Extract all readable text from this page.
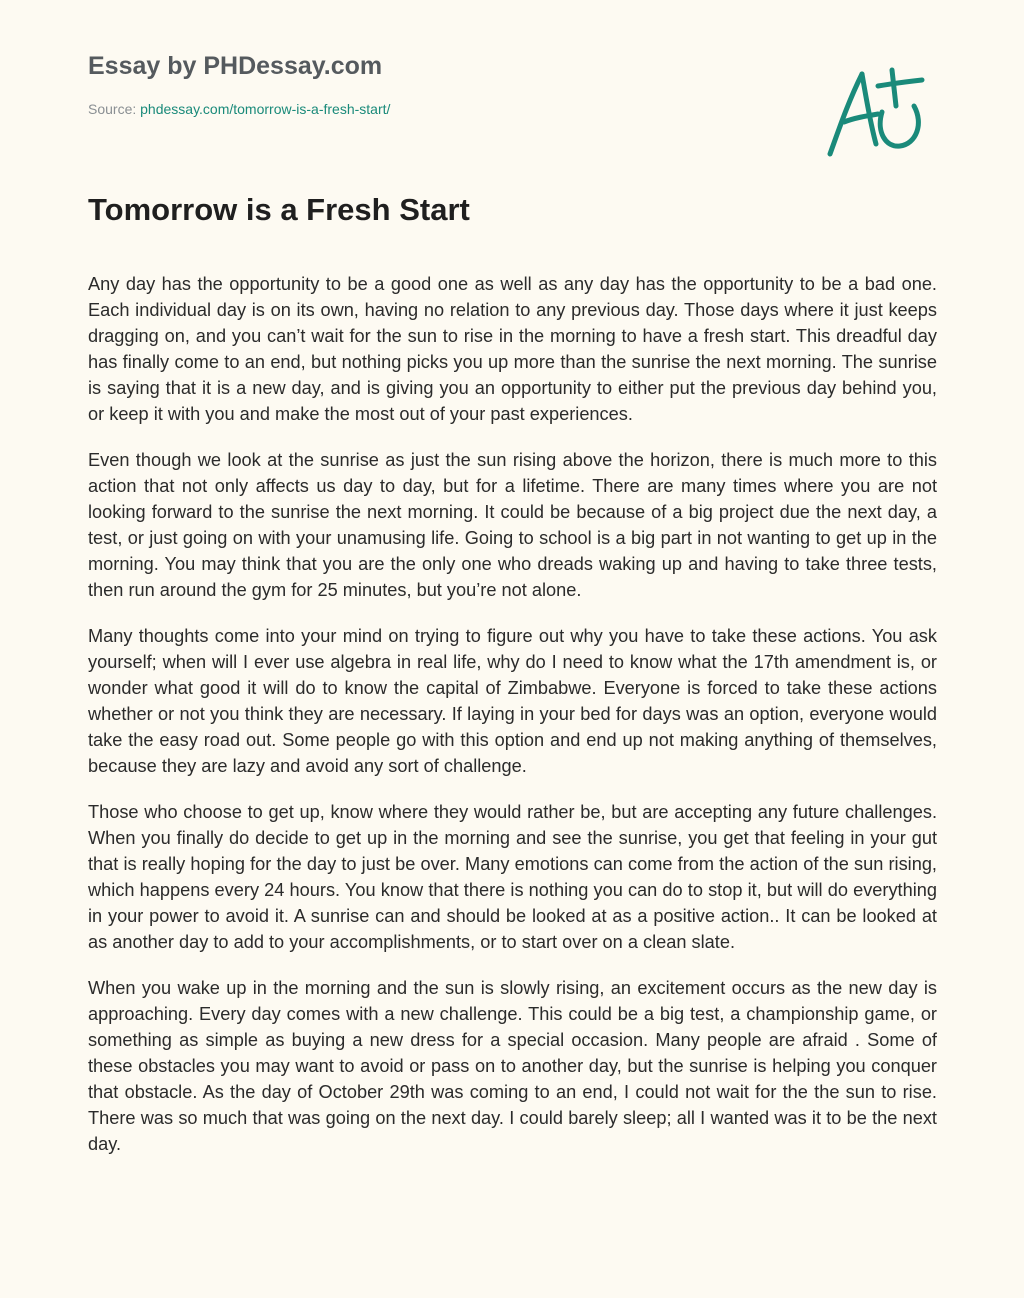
Essay by PHDessay.com
Source: phdessay.com/tomorrow-is-a-fresh-start/
Tomorrow is a Fresh Start

Any day has the opportunity to be a good one as well as any day has the opportunity to be a bad one. Each individual day is on its own, having no relation to any previous day. Those days where it just keeps dragging on, and you can’t wait for the sun to rise in the morning to have a fresh start. This dreadful day has finally come to an end, but nothing picks you up more than the sunrise the next morning. The sunrise is saying that it is a new day, and is giving you an opportunity to either put the previous day behind you, or keep it with you and make the most out of your past experiences.

Even though we look at the sunrise as just the sun rising above the horizon, there is much more to this action that not only affects us day to day, but for a lifetime. There are many times where you are not looking forward to the sunrise the next morning. It could be because of a big project due the next day, a test, or just going on with your unamusing life. Going to school is a big part in not wanting to get up in the morning. You may think that you are the only one who dreads waking up and having to take three tests, then run around the gym for 25 minutes, but you’re not alone.

Many thoughts come into your mind on trying to figure out why you have to take these actions. You ask yourself; when will I ever use algebra in real life, why do I need to know what the 17th amendment is, or wonder what good it will do to know the capital of Zimbabwe. Everyone is forced to take these actions whether or not you think they are necessary. If laying in your bed for days was an option, everyone would take the easy road out. Some people go with this option and end up not making anything of themselves, because they are lazy and avoid any sort of challenge.

Those who choose to get up, know where they would rather be, but are accepting any future challenges. When you finally do decide to get up in the morning and see the sunrise, you get that feeling in your gut that is really hoping for the day to just be over. Many emotions can come from the action of the sun rising, which happens every 24 hours. You know that there is nothing you can do to stop it, but will do everything in your power to avoid it. A sunrise can and should be looked at as a positive action.. It can be looked at as another day to add to your accomplishments, or to start over on a clean slate.

When you wake up in the morning and the sun is slowly rising, an excitement occurs as the new day is approaching. Every day comes with a new challenge. This could be a big test, a championship game, or something as simple as buying a new dress for a special occasion. Many people are afraid . Some of these obstacles you may want to avoid or pass on to another day, but the sunrise is helping you conquer that obstacle. As the day of October 29th was coming to an end, I could not wait for the the sun to rise. There was so much that was going on the next day. I could barely sleep; all I wanted was it to be the next day.
